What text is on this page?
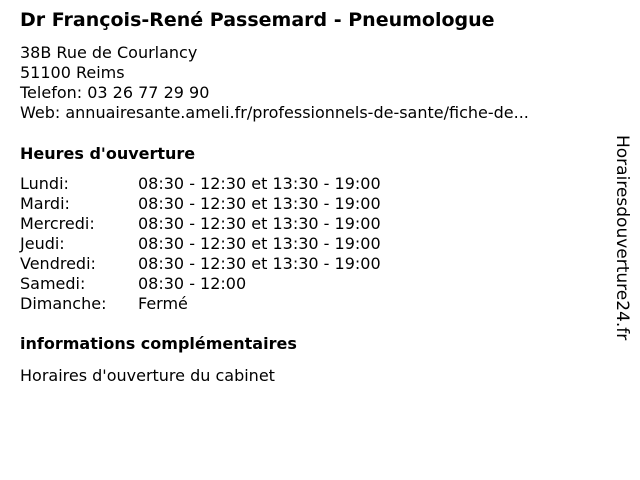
Dr François-René Passemard - Pneumologue
38B Rue de Courlancy
51100 Reims
Telefon: 03 26 77 29 90
Web: annuairesante.ameli.fr/professionnels-de-sante/fiche-de...
Heures d'ouverture
Lundi:	08:30 - 12:30 et 13:30 - 19:00
Mardi:	08:30 - 12:30 et 13:30 - 19:00
Mercredi:	08:30 - 12:30 et 13:30 - 19:00
Jeudi:	08:30 - 12:30 et 13:30 - 19:00
Vendredi:	08:30 - 12:30 et 13:30 - 19:00
Samedi:	08:30 - 12:00
Dimanche: Fermé
informations complémentaires
Horaires d'ouverture du cabinet
Horairesdouverture24.fr
